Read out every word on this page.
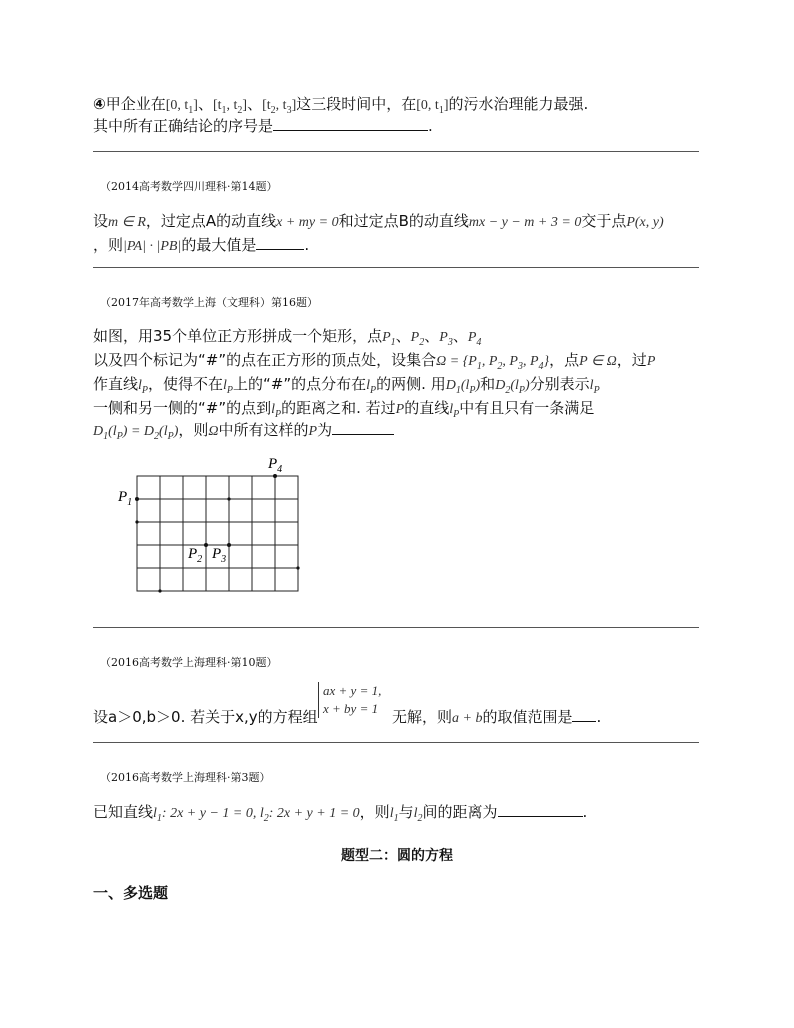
④甲企业在[0, $t_1$]、[$t_1$, $t_2$]、[$t_2$, $t_3$]这三段时间中，在[0, $t_1$]的污水治理能力最强.
其中所有正确结论的序号是	.
（2014高考数学四川理科·第14题）
设m ∈ R，过定点A的动直线x + my = 0和过定点B的动直线mx − y − m + 3 = 0交于点P(x, y)
，则|PA| · |PB|的最大值是	.
（2017年高考数学上海（文理科）第16题）
如图，用35个单位正方形拼成一个矩形，点$P_1$、$P_2$、$P_3$、$P_4$
以及四个标记为“#”的点在正方形的顶点处，设集合$\Omega = \{P_1$, $P_2$, $P_3$, $P_4$}，点P ∈ Ω，过P
作直线$l_P$，使得不在$l_P$上的“#”的点分布在$l_P$的两侧. 用$D_1(l_P)$和$D_2(l_P)$分别表示$l_P$
一侧和另一侧的“#”的点到$l_P$的距离之和. 若过P的直线$l_P$中有且只有一条满足
$D_1(l_P) = D_2(l_P)$，则Ω中所有这样的P为
$P_1$
$P_4$
$P_2$ $P_3$
（2016高考数学上海理科·第10题）
ax + y = 1,
x + by = 1
设a＞0,b＞0. 若关于x,y的方程组	无解，则a + b的取值范围是 .
（2016高考数学上海理科·第3题）
已知直线$l_1$: 2x + y − 1 = 0, $l_2$: 2x + y + 1 = 0，则$l_1$与$l_2$间的距离为	.
题型二：圆的方程
一、多选题
